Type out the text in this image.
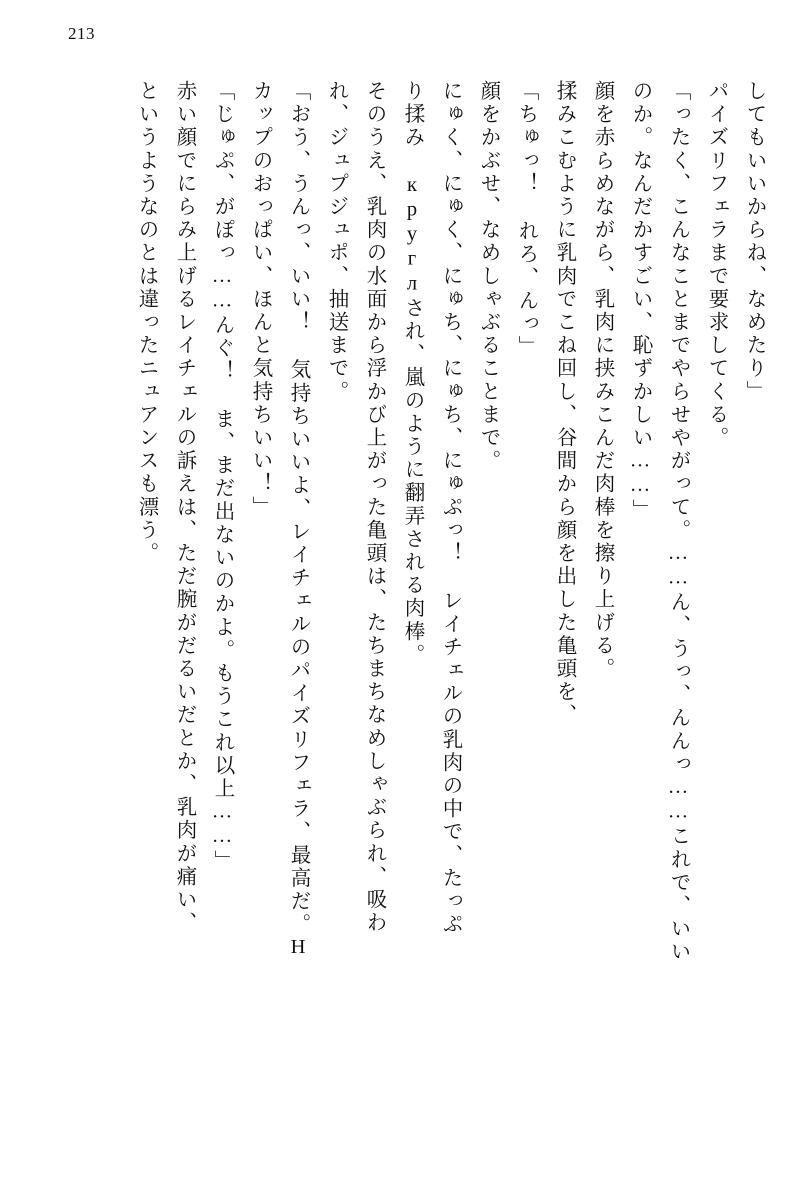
213
してもいいからね、なめたり」
パイズリフェラまで要求してくる。
「ったく、こんなことまでやらせやがって。……ん、うっ、んんっ……これで、いい
のか。なんだかすごい、恥ずかしい……」
顔を赤らめながら、乳肉に挟みこんだ肉棒を擦り上げる。
揉みこむように乳肉でこね回し、谷間から顔を出した亀頭を、
「ちゅっ！ れろ、んっ」
顔をかぶせ、なめしゃぶることまで。
にゅく、にゅく、にゅち、にゅち、にゅぷっ！ レイチェルの乳肉の中で、たっぷ
り揉み круглされ、嵐のように翻弄される肉棒。
そのうえ、乳肉の水面から浮かび上がった亀頭は、たちまちなめしゃぶられ、吸わ
れ、ジュプジュポ、抽送まで。
「おう、うんっ、いい！ 気持ちいいよ、レイチェルのパイズリフェラ、最高だ。H
カップのおっぱい、ほんと気持ちいい！」
「じゅぷ、がぽっ……んぐ！ ま、まだ出ないのかよ。もうこれ以上……」
赤い顔でにらみ上げるレイチェルの訴えは、ただ腕がだるいだとか、乳肉が痛い、
というようなのとは違ったニュアンスも漂う。
